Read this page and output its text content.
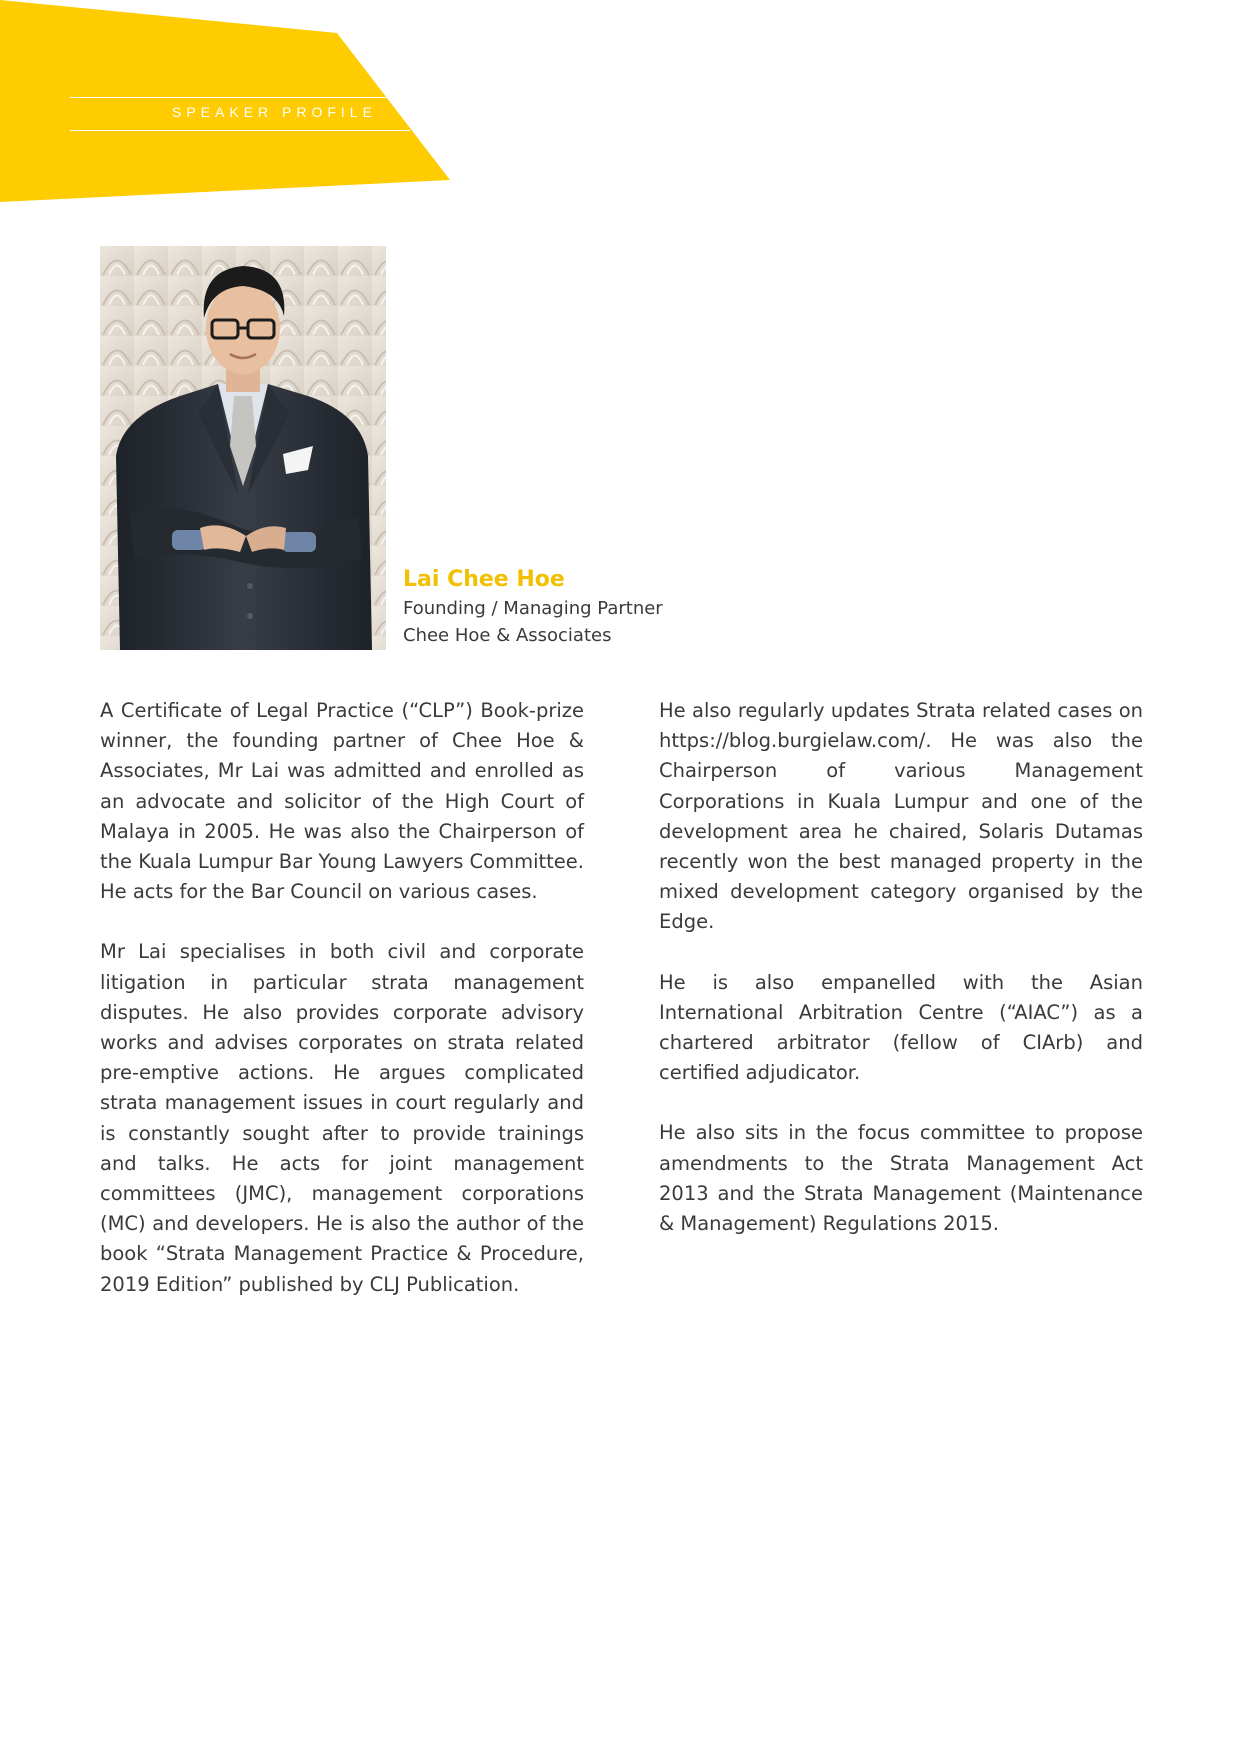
SPEAKER PROFILE
Lai Chee Hoe
Founding / Managing Partner
Chee Hoe & Associates

A Certificate of Legal Practice (“CLP”) Book-prize winner, the founding partner of Chee Hoe & Associates, Mr Lai was admitted and enrolled as an advocate and solicitor of the High Court of Malaya in 2005. He was also the Chairperson of the Kuala Lumpur Bar Young Lawyers Committee. He acts for the Bar Council on various cases.

Mr Lai specialises in both civil and corporate litigation in particular strata management disputes. He also provides corporate advisory works and advises corporates on strata related pre-emptive actions. He argues complicated strata management issues in court regularly and is constantly sought after to provide trainings and talks. He acts for joint management committees (JMC), management corporations (MC) and developers. He is also the author of the book “Strata Management Practice & Procedure, 2019 Edition” published by CLJ Publication.

He also regularly updates Strata related cases on https://blog.burgielaw.com/. He was also the Chairperson of various Management Corporations in Kuala Lumpur and one of the development area he chaired, Solaris Dutamas recently won the best managed property in the mixed development category organised by the Edge.

He is also empanelled with the Asian International Arbitration Centre (“AIAC”) as a chartered arbitrator (fellow of CIArb) and certified adjudicator.

He also sits in the focus committee to propose amendments to the Strata Management Act 2013 and the Strata Management (Maintenance & Management) Regulations 2015.
